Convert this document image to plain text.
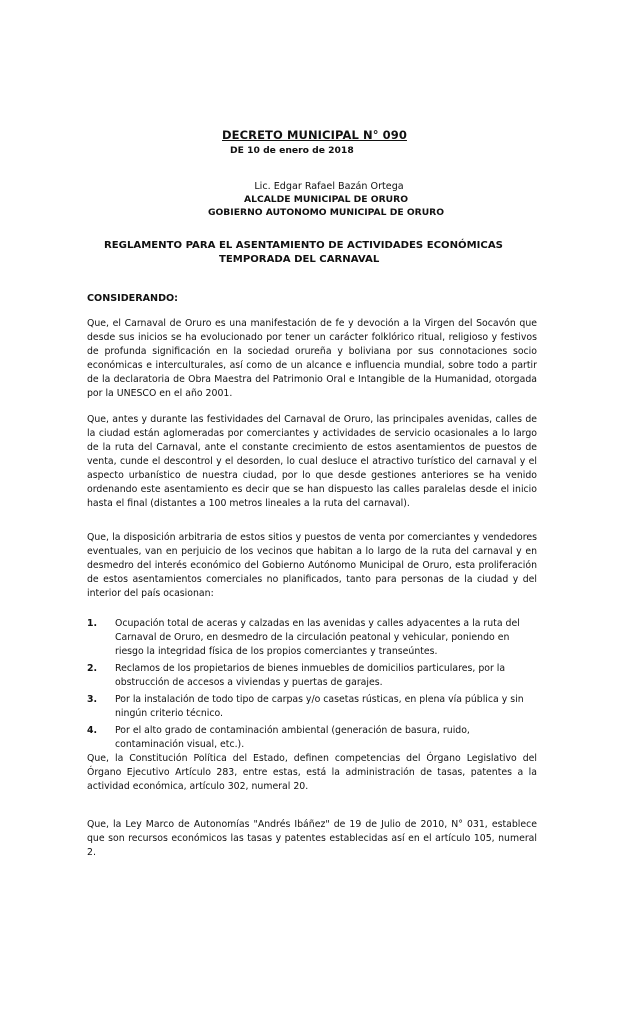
DECRETO MUNICIPAL N° 090
DE 10 de enero de 2018
Lic. Edgar Rafael Bazán Ortega
ALCALDE MUNICIPAL DE ORURO
GOBIERNO AUTONOMO MUNICIPAL DE ORURO
REGLAMENTO PARA EL ASENTAMIENTO DE ACTIVIDADES ECONÓMICAS
TEMPORADA DEL CARNAVAL
CONSIDERANDO:
Que, el Carnaval de Oruro es una manifestación de fe y devoción a la Virgen del Socavón que desde sus inicios se ha evolucionado por tener un carácter folklórico ritual, religioso y festivos de profunda significación en la sociedad orureña y boliviana por sus connotaciones socio económicas e interculturales, así como de un alcance e influencia mundial, sobre todo a partir de la declaratoria de Obra Maestra del Patrimonio Oral e Intangible de la Humanidad, otorgada por la UNESCO en el año 2001.
Que, antes y durante las festividades del Carnaval de Oruro, las principales avenidas, calles de la ciudad están aglomeradas por comerciantes y actividades de servicio ocasionales a lo largo de la ruta del Carnaval, ante el constante crecimiento de estos asentamientos de puestos de venta, cunde el descontrol y el desorden, lo cual desluce el atractivo turístico del carnaval y el aspecto urbanístico de nuestra ciudad, por lo que desde gestiones anteriores se ha venido ordenando este asentamiento es decir que se han dispuesto las calles paralelas desde el inicio hasta el final (distantes a 100 metros lineales a la ruta del carnaval).
Que, la disposición arbitraria de estos sitios y puestos de venta por comerciantes y vendedores eventuales, van en perjuicio de los vecinos que habitan a lo largo de la ruta del carnaval y en desmedro del interés económico del Gobierno Autónomo Municipal de Oruro, esta proliferación de estos asentamientos comerciales no planificados, tanto para personas de la ciudad y del interior del país ocasionan:
1. Ocupación total de aceras y calzadas en las avenidas y calles adyacentes a la ruta del Carnaval de Oruro, en desmedro de la circulación peatonal y vehicular, poniendo en riesgo la integridad física de los propios comerciantes y transeúntes.
2. Reclamos de los propietarios de bienes inmuebles de domicilios particulares, por la obstrucción de accesos a viviendas y puertas de garajes.
3. Por la instalación de todo tipo de carpas y/o casetas rústicas, en plena vía pública y sin ningún criterio técnico.
4. Por el alto grado de contaminación ambiental (generación de basura, ruido, contaminación visual, etc.).
Que, la Constitución Política del Estado, definen competencias del Órgano Legislativo del Órgano Ejecutivo Artículo 283, entre estas, está la administración de tasas, patentes a la actividad económica, artículo 302, numeral 20.
Que, la Ley Marco de Autonomías "Andrés Ibáñez" de 19 de Julio de 2010, N° 031, establece que son recursos económicos las tasas y patentes establecidas así en el artículo 105, numeral 2.
